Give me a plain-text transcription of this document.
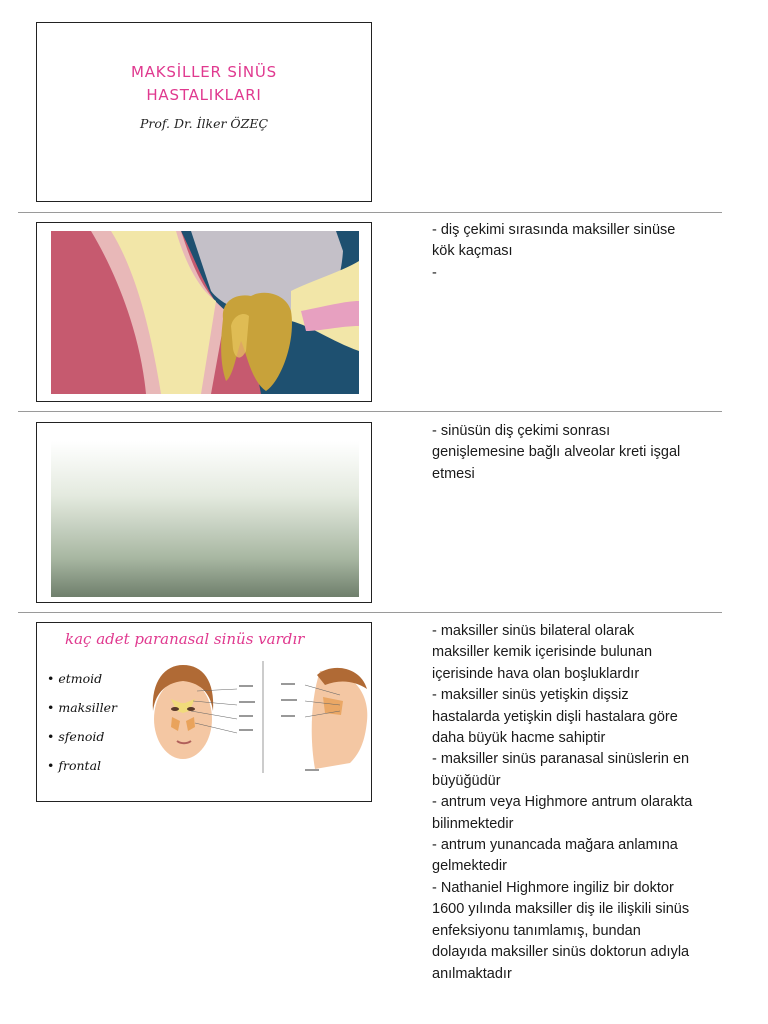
MAKSİLLER SİNÜS
HASTALIKLARI
Prof. Dr. İlker ÖZEÇ
- diş çekimi sırasında maksiller sinüse
kök kaçması
-
- sinüsün diş çekimi sonrası
genişlemesine bağlı alveolar kreti işgal
etmesi
kaç adet paranasal sinüs vardır
• etmoid
• maksiller
• sfenoid
• frontal
- maksiller sinüs bilateral olarak
maksiller kemik içerisinde bulunan
içerisinde hava olan boşluklardır
- maksiller sinüs yetişkin dişsiz
hastalarda yetişkin dişli hastalara göre
daha büyük hacme sahiptir
- maksiller sinüs paranasal sinüslerin en
büyüğüdür
- antrum veya Highmore antrum olarakta
bilinmektedir
- antrum yunancada mağara anlamına
gelmektedir
- Nathaniel Highmore ingiliz bir doktor
1600 yılında maksiller diş ile ilişkili sinüs
enfeksiyonu tanımlamış, bundan
dolayıda maksiller sinüs doktorun adıyla
anılmaktadır
